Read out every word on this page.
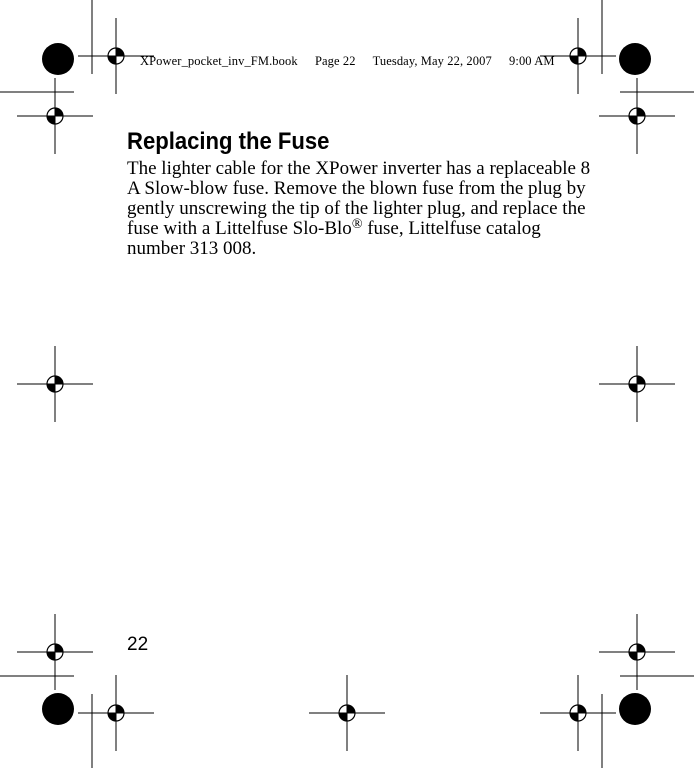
XPower_pocket_inv_FM.book Page 22 Tuesday, May 22, 2007 9:00 AM
Replacing the Fuse

The lighter cable for the XPower inverter has a replaceable 8 A Slow-blow fuse. Remove the blown fuse from the plug by gently unscrewing the tip of the lighter plug, and replace the fuse with a Littelfuse Slo-Blo® fuse, Littelfuse catalog number 313 008.

22
